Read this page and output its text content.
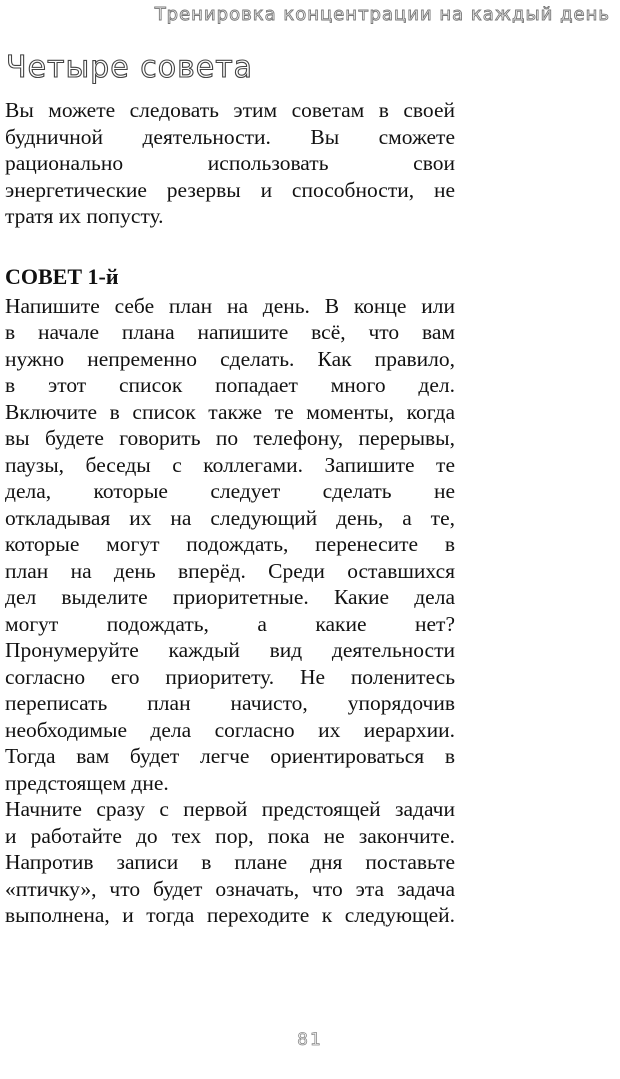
Тренировка концентрации на каждый день
Четыре совета
Вы можете следовать этим советам в своей
будничной деятельности. Вы сможете
рационально использовать свои
энергетические резервы и способности, не
тратя их попусту.
СОВЕТ 1-й
Напишите себе план на день. В конце или
в начале плана напишите всё, что вам
нужно непременно сделать. Как правило,
в этот список попадает много дел.
Включите в список также те моменты, когда
вы будете говорить по телефону, перерывы,
паузы, беседы с коллегами. Запишите те
дела, которые следует сделать не
откладывая их на следующий день, а те,
которые могут подождать, перенесите в
план на день вперёд. Среди оставшихся
дел выделите приоритетные. Какие дела
могут подождать, а какие нет?
Пронумеруйте каждый вид деятельности
согласно его приоритету. Не поленитесь
переписать план начисто, упорядочив
необходимые дела согласно их иерархии.
Тогда вам будет легче ориентироваться в
предстоящем дне.
Начните сразу с первой предстоящей задачи
и работайте до тех пор, пока не закончите.
Напротив записи в плане дня поставьте
«птичку», что будет означать, что эта задача
выполнена, и тогда переходите к следующей.
81
